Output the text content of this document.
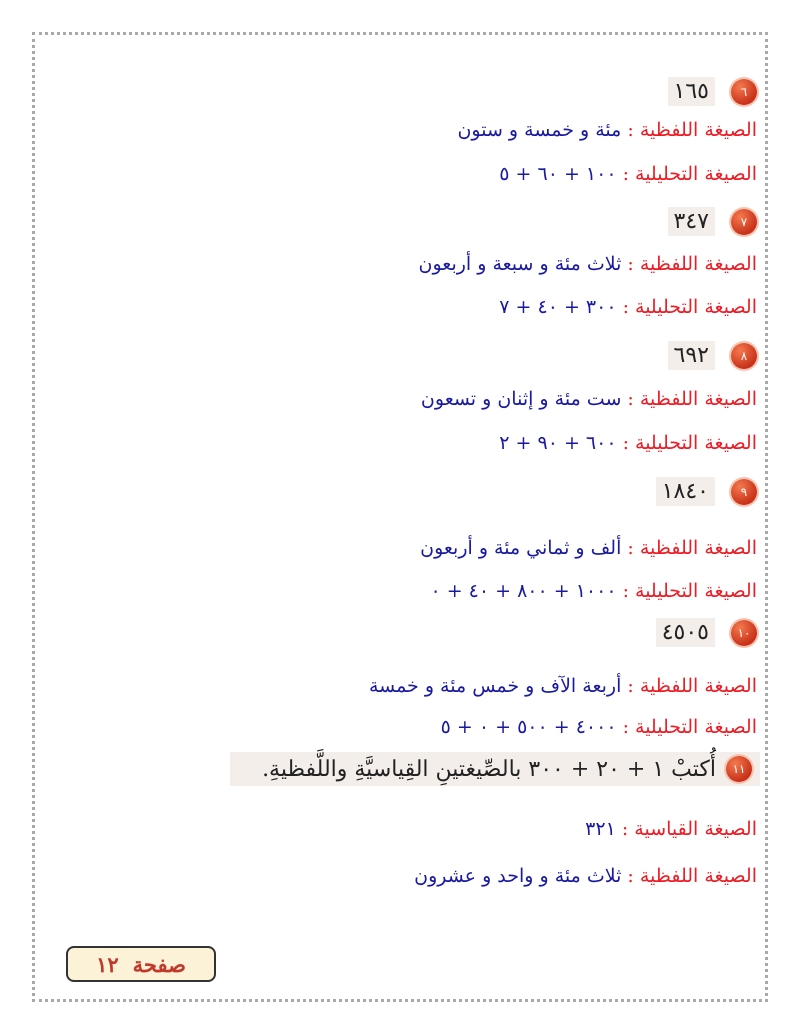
٦
١٦٥
الصيغة اللفظية : مئة و خمسة و ستون
الصيغة التحليلية : ١٠٠ + ٦٠ + ٥
٧
٣٤٧
الصيغة اللفظية : ثلاث مئة و سبعة و أربعون
الصيغة التحليلية : ٣٠٠ + ٤٠ + ٧
٨
٦٩٢
الصيغة اللفظية : ست مئة و إثنان و تسعون
الصيغة التحليلية : ٦٠٠ + ٩٠ + ٢
٩
١٨٤٠
الصيغة اللفظية : ألف و ثماني مئة و أربعون
الصيغة التحليلية : ١٠٠٠ + ٨٠٠ + ٤٠ + ٠
١٠
٤٥٠٥
الصيغة اللفظية : أربعة الآف و خمس مئة و خمسة
الصيغة التحليلية : ٤٠٠٠ + ٥٠٠ + ٠ + ٥
١١
أُكتبْ ١ + ٢٠ + ٣٠٠ بالصِّيغتينِ القِياسيَّةِ واللَّفظيةِ.
الصيغة القياسية : ٣٢١
الصيغة اللفظية : ثلاث مئة و واحد و عشرون
صفحة
١٢
